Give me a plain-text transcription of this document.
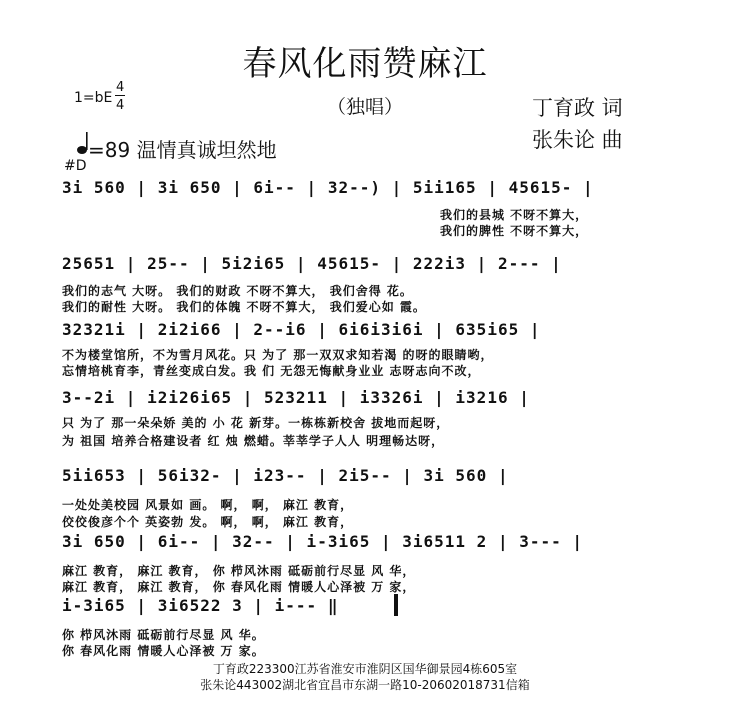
春风化雨赞麻江
（独唱）	丁育政 词
张朱论 曲
1=bE
4
4
=89 温情真诚坦然地
#D
3i 560 | 3i 650 | 6i-- | 32--) | 5ii165 | 45615- |
我们的县城 不呀不算大，
我们的脾性 不呀不算大，
25651 | 25-- | 5i2i65 | 45615- | 222i3 | 2--- |
我们的志气 大呀。 我们的财政 不呀不算大， 我们舍得 花。
我们的耐性 大呀。 我们的体魄 不呀不算大， 我们爱心如 霞。
32321i | 2i2i66 | 2--i6 | 6i6i3i6i | 635i65 |
不为楼堂馆所，不为雪月风花。只 为了 那一双双求知若渴 的呀的眼睛哟，
忘情培桃育李，青丝变成白发。我 们 无怨无悔献身业业 志呀志向不改，
3--2i | i2i26i65 | 523211 | i3326i | i3216 |
只 为了 那一朵朵娇 美的 小 花 新芽。一栋栋新校舍 拔地而起呀，
为 祖国 培养合格建设者 红 烛 燃蜡。莘莘学子人人 明理畅达呀，
5ii653 | 56i32- | i23-- | 2i5-- | 3i 560 |
一处处美校园 风景如 画。 啊， 啊， 麻江 教育，
佼佼俊彦个个 英姿勃 发。 啊， 啊， 麻江 教育，
3i 650 | 6i-- | 32-- | i-3i65 | 3i6511 2 | 3--- |
麻江 教育， 麻江 教育， 你 栉风沐雨 砥砺前行尽显 风 华，
麻江 教育， 麻江 教育， 你 春风化雨 情暖人心泽被 万 家，
i-3i65 | 3i6522 3 | i--- ‖
你 栉风沐雨 砥砺前行尽显 风 华。
你 春风化雨 情暖人心泽被 万 家。
丁育政223300江苏省淮安市淮阴区国华御景园4栋605室
张朱论443002湖北省宜昌市东湖一路10-20602018731信箱
